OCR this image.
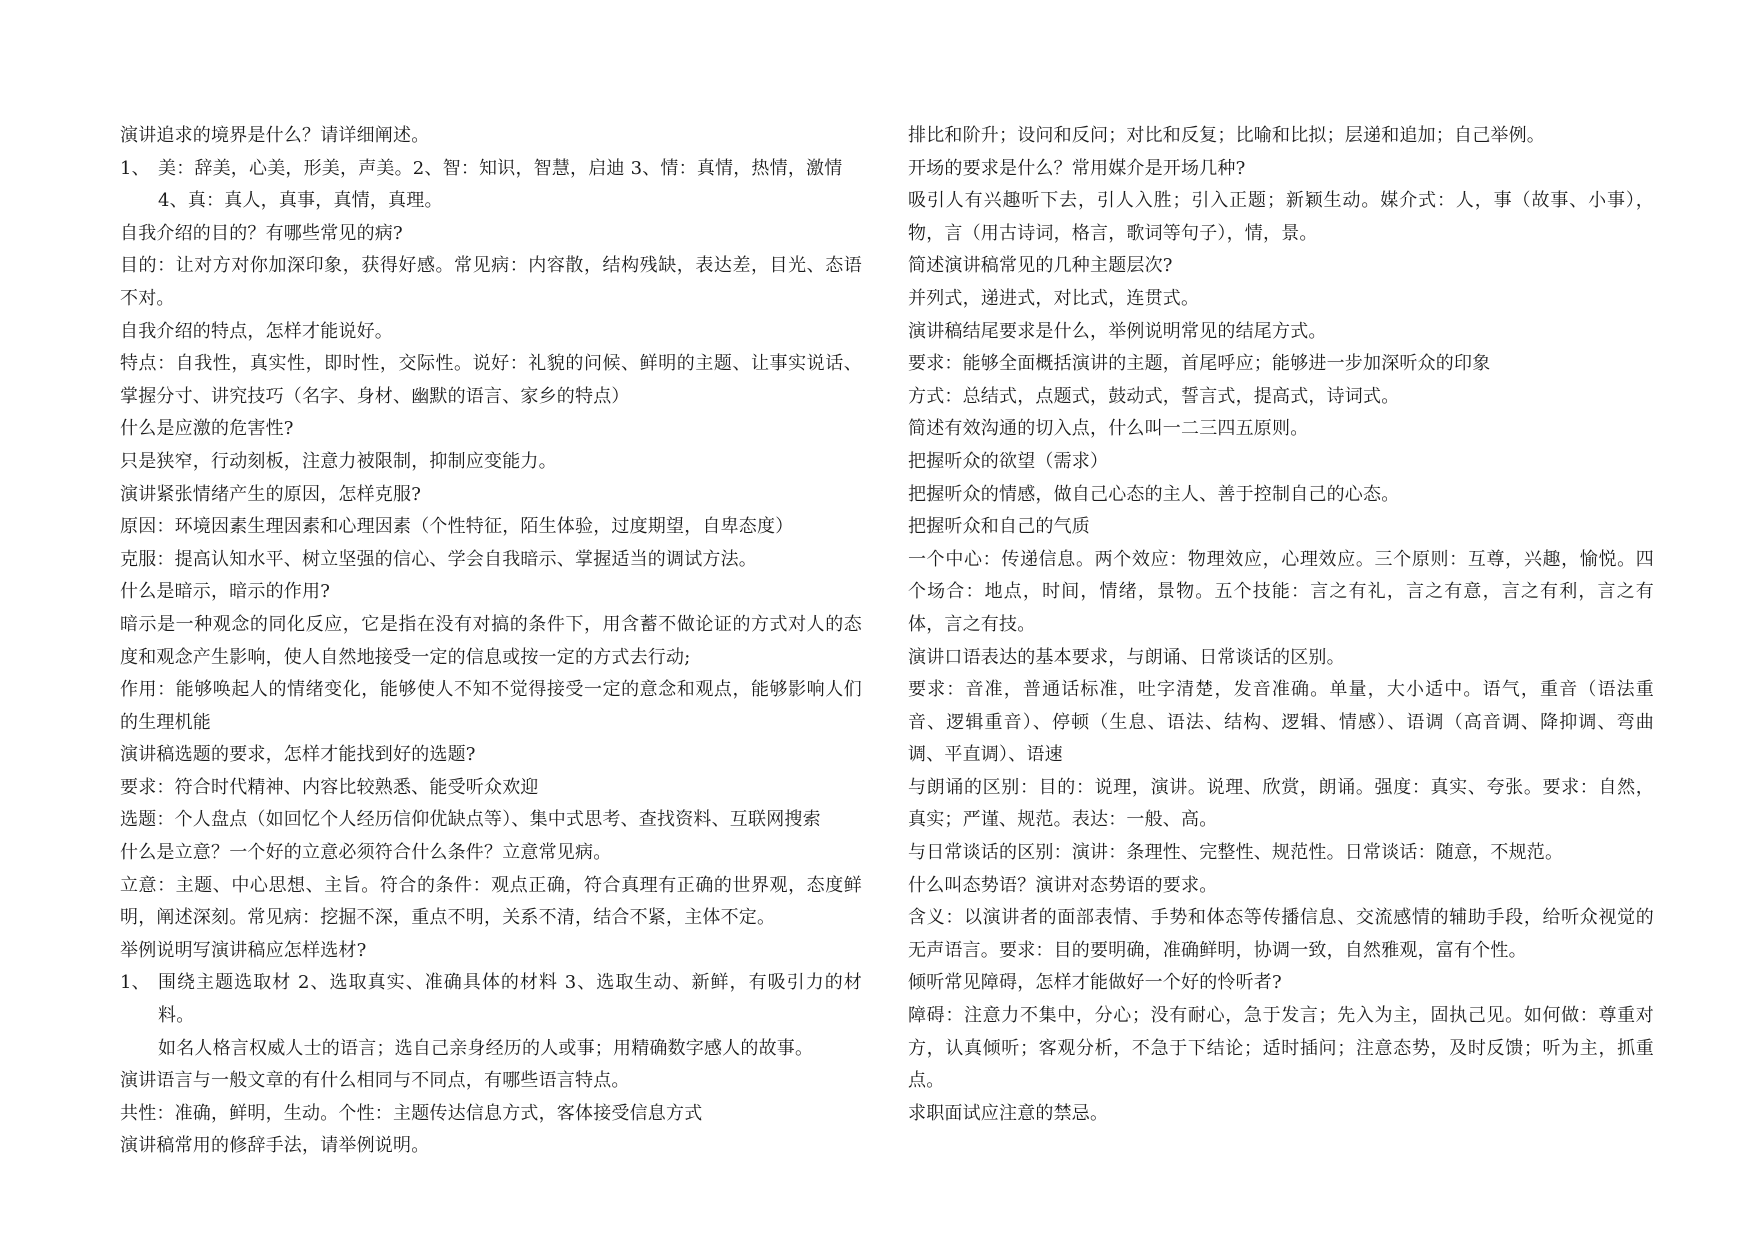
演讲追求的境界是什么？请详细阐述。
1、 美：辞美，心美，形美，声美。2、智：知识，智慧，启迪 3、情：真情，热情，激情
4、真：真人，真事，真情，真理。
自我介绍的目的？有哪些常见的病?
目的：让对方对你加深印象，获得好感。常见病：内容散，结构残缺，表达差，目光、态语不对。
自我介绍的特点，怎样才能说好。
特点：自我性，真实性，即时性，交际性。说好：礼貌的问候、鲜明的主题、让事实说话、掌握分寸、讲究技巧（名字、身材、幽默的语言、家乡的特点）
什么是应激的危害性?
只是狭窄，行动刻板，注意力被限制，抑制应变能力。
演讲紧张情绪产生的原因，怎样克服?
原因：环境因素生理因素和心理因素（个性特征，陌生体验，过度期望，自卑态度）
克服：提高认知水平、树立坚强的信心、学会自我暗示、掌握适当的调试方法。
什么是暗示，暗示的作用?
暗示是一种观念的同化反应，它是指在没有对搞的条件下，用含蓄不做论证的方式对人的态度和观念产生影响，使人自然地接受一定的信息或按一定的方式去行动;
作用：能够唤起人的情绪变化，能够使人不知不觉得接受一定的意念和观点，能够影响人们的生理机能
演讲稿选题的要求，怎样才能找到好的选题?
要求：符合时代精神、内容比较熟悉、能受听众欢迎
选题：个人盘点（如回忆个人经历信仰优缺点等）、集中式思考、查找资料、互联网搜索
什么是立意？一个好的立意必须符合什么条件？立意常见病。
立意：主题、中心思想、主旨。符合的条件：观点正确，符合真理有正确的世界观，态度鲜明，阐述深刻。常见病：挖掘不深，重点不明，关系不清，结合不紧，主体不定。
举例说明写演讲稿应怎样选材?
1、 围绕主题选取材 2、选取真实、准确具体的材料 3、选取生动、新鲜，有吸引力的材料。
如名人格言权威人士的语言；选自己亲身经历的人或事；用精确数字感人的故事。
演讲语言与一般文章的有什么相同与不同点，有哪些语言特点。
共性：准确，鲜明，生动。个性：主题传达信息方式，客体接受信息方式
演讲稿常用的修辞手法，请举例说明。
排比和阶升；设问和反问；对比和反复；比喻和比拟；层递和追加；自己举例。
开场的要求是什么？常用媒介是开场几种?
吸引人有兴趣听下去，引人入胜；引入正题；新颖生动。媒介式：人，事（故事、小事），物，言（用古诗词，格言，歌词等句子），情，景。
简述演讲稿常见的几种主题层次?
并列式，递进式，对比式，连贯式。
演讲稿结尾要求是什么，举例说明常见的结尾方式。
要求：能够全面概括演讲的主题，首尾呼应；能够进一步加深听众的印象
方式：总结式，点题式，鼓动式，誓言式，提高式，诗词式。
简述有效沟通的切入点，什么叫一二三四五原则。
把握听众的欲望（需求）
把握听众的情感，做自己心态的主人、善于控制自己的心态。
把握听众和自己的气质
一个中心：传递信息。两个效应：物理效应，心理效应。三个原则：互尊，兴趣，愉悦。四个场合：地点，时间，情绪，景物。五个技能：言之有礼，言之有意，言之有利，言之有体，言之有技。
演讲口语表达的基本要求，与朗诵、日常谈话的区别。
要求：音准，普通话标准，吐字清楚，发音准确。单量，大小适中。语气，重音（语法重音、逻辑重音）、停顿（生息、语法、结构、逻辑、情感）、语调（高音调、降抑调、弯曲调、平直调）、语速
与朗诵的区别：目的：说理，演讲。说理、欣赏，朗诵。强度：真实、夸张。要求：自然，真实；严谨、规范。表达：一般、高。
与日常谈话的区别：演讲：条理性、完整性、规范性。日常谈话：随意，不规范。
什么叫态势语？演讲对态势语的要求。
含义：以演讲者的面部表情、手势和体态等传播信息、交流感情的辅助手段，给听众视觉的无声语言。要求：目的要明确，准确鲜明，协调一致，自然雅观，富有个性。
倾听常见障碍，怎样才能做好一个好的怜听者?
障碍：注意力不集中，分心；没有耐心，急于发言；先入为主，固执己见。如何做：尊重对方，认真倾听；客观分析，不急于下结论；适时插问；注意态势，及时反馈；听为主，抓重点。
求职面试应注意的禁忌。
